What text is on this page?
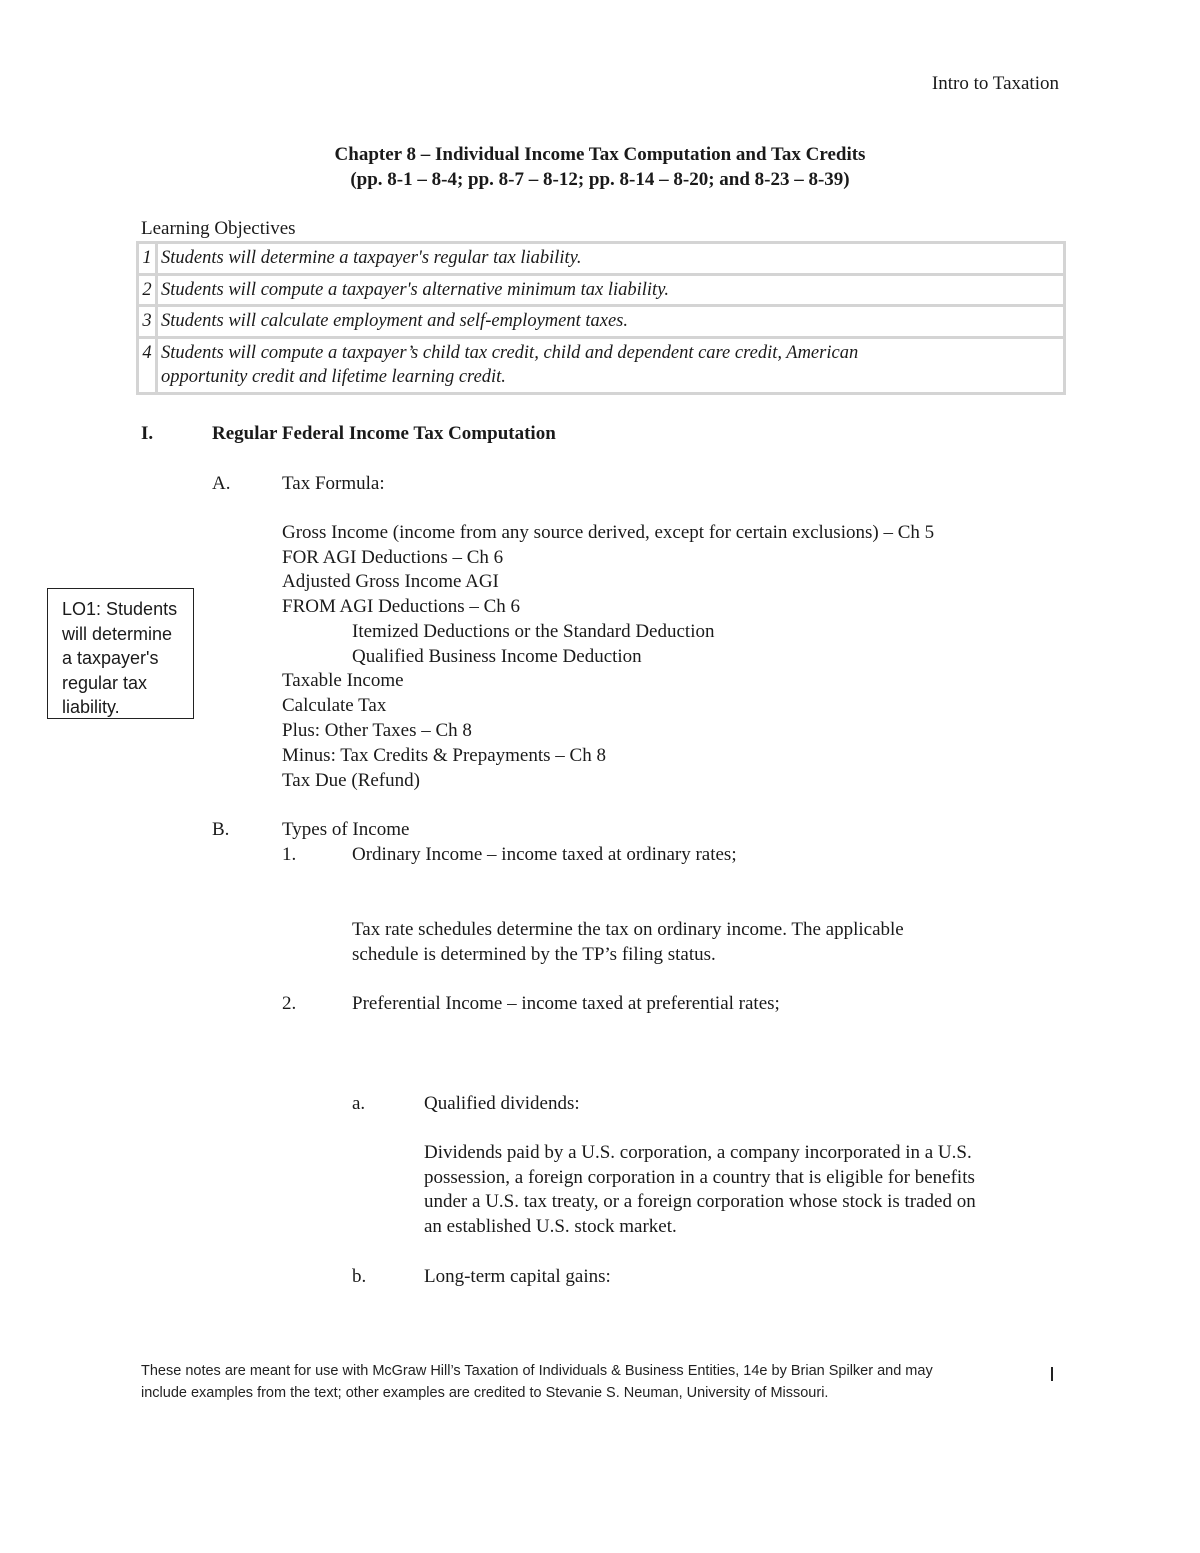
Intro to Taxation
Chapter 8 – Individual Income Tax Computation and Tax Credits
(pp. 8-1 – 8-4; pp. 8-7 – 8-12; pp. 8-14 – 8-20; and 8-23 – 8-39)
Learning Objectives
1	Students will determine a taxpayer's regular tax liability.
2	Students will compute a taxpayer's alternative minimum tax liability.
3	Students will calculate employment and self-employment taxes.
4	Students will compute a taxpayer’s child tax credit, child and dependent care credit, American
opportunity credit and lifetime learning credit.
I.	Regular Federal Income Tax Computation
A.	Tax Formula:
Gross Income (income from any source derived, except for certain exclusions) – Ch 5
FOR AGI Deductions – Ch 6
Adjusted Gross Income AGI
FROM AGI Deductions – Ch 6
Itemized Deductions or the Standard Deduction
Qualified Business Income Deduction
Taxable Income
Calculate Tax
Plus: Other Taxes – Ch 8
Minus: Tax Credits & Prepayments – Ch 8
Tax Due (Refund)
LO1: Students
will determine
a taxpayer's
regular tax
liability.
B.	Types of Income
1.	Ordinary Income – income taxed at ordinary rates;
Tax rate schedules determine the tax on ordinary income. The applicable
schedule is determined by the TP’s filing status.
2.	Preferential Income – income taxed at preferential rates;
a.	Qualified dividends:
Dividends paid by a U.S. corporation, a company incorporated in a U.S.
possession, a foreign corporation in a country that is eligible for benefits
under a U.S. tax treaty, or a foreign corporation whose stock is traded on
an established U.S. stock market.
b.	Long-term capital gains:
These notes are meant for use with McGraw Hill’s Taxation of Individuals & Business Entities, 14e by Brian Spilker and may
include examples from the text; other examples are credited to Stevanie S. Neuman, University of Missouri.
